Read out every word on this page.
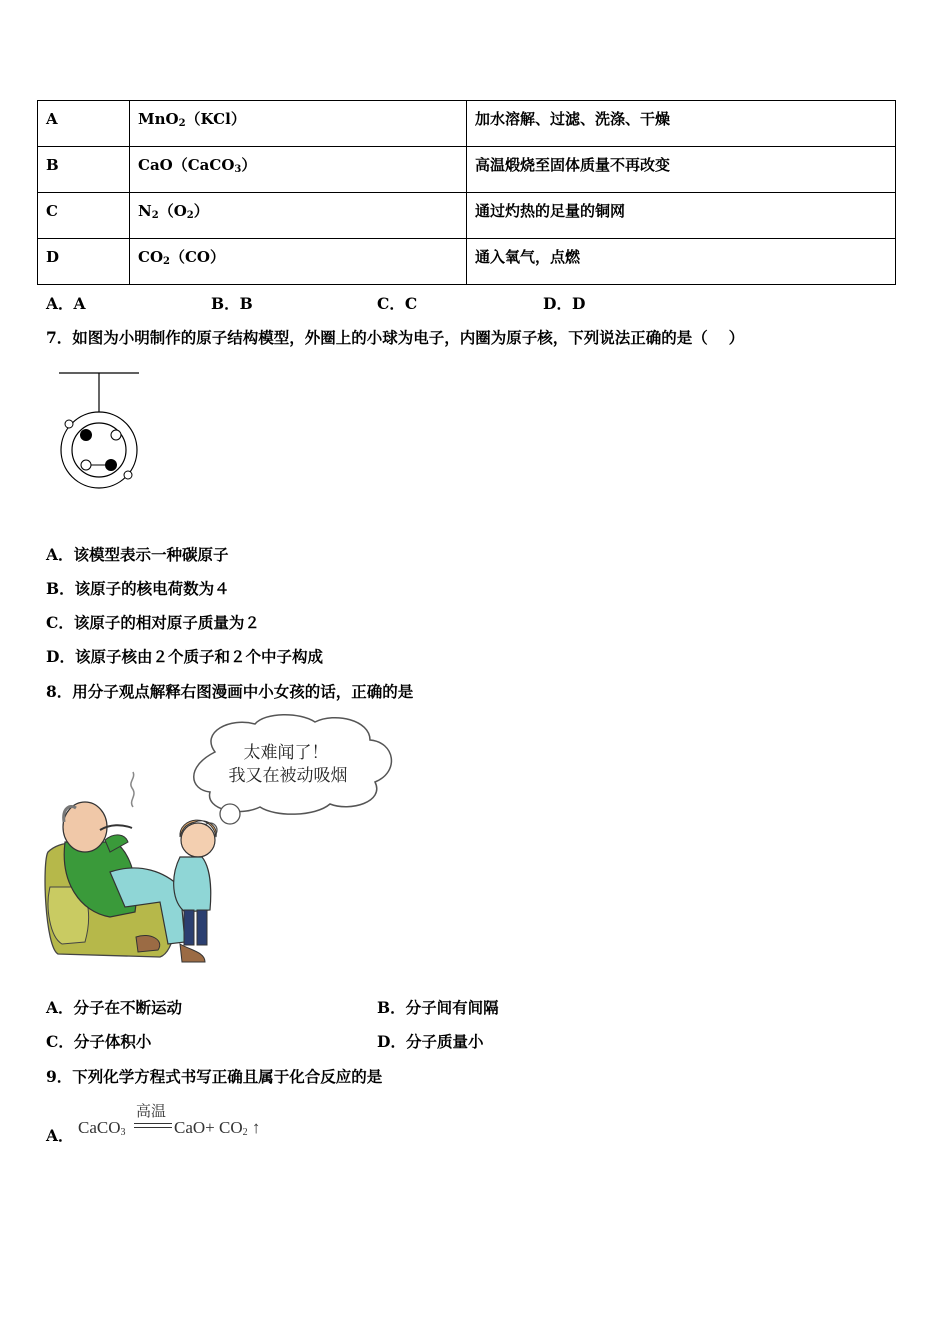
A	MnO$_2$（KCl）	加水溶解、过滤、洗涤、干燥
B	CaO（CaCO$_3$）	高温煅烧至固体质量不再改变
C	$N_2(O_2)$	通过灼热的足量的铜网
D	$CO_2(CO)$	通入氧气，点燃
A．A	B．B	C．C	D．D
7．如图为小明制作的原子结构模型，外圈上的小球为电子，内圈为原子核，下列说法正确的是（　 ）
A．该模型表示一种碳原子
B．该原子的核电荷数为４
C．该原子的相对原子质量为２
D．该原子核由２个质子和２个中子构成
8．用分子观点解释右图漫画中小女孩的话，正确的是
太难闻了！
我又在被动吸烟
A．分子在不断运动	B．分子间有间隔
C．分子体积小	D．分子质量小
9．下列化学方程式书写正确且属于化合反应的是
A． CaCO$_3$
高温
$CaO+ CO_2$ ↑
